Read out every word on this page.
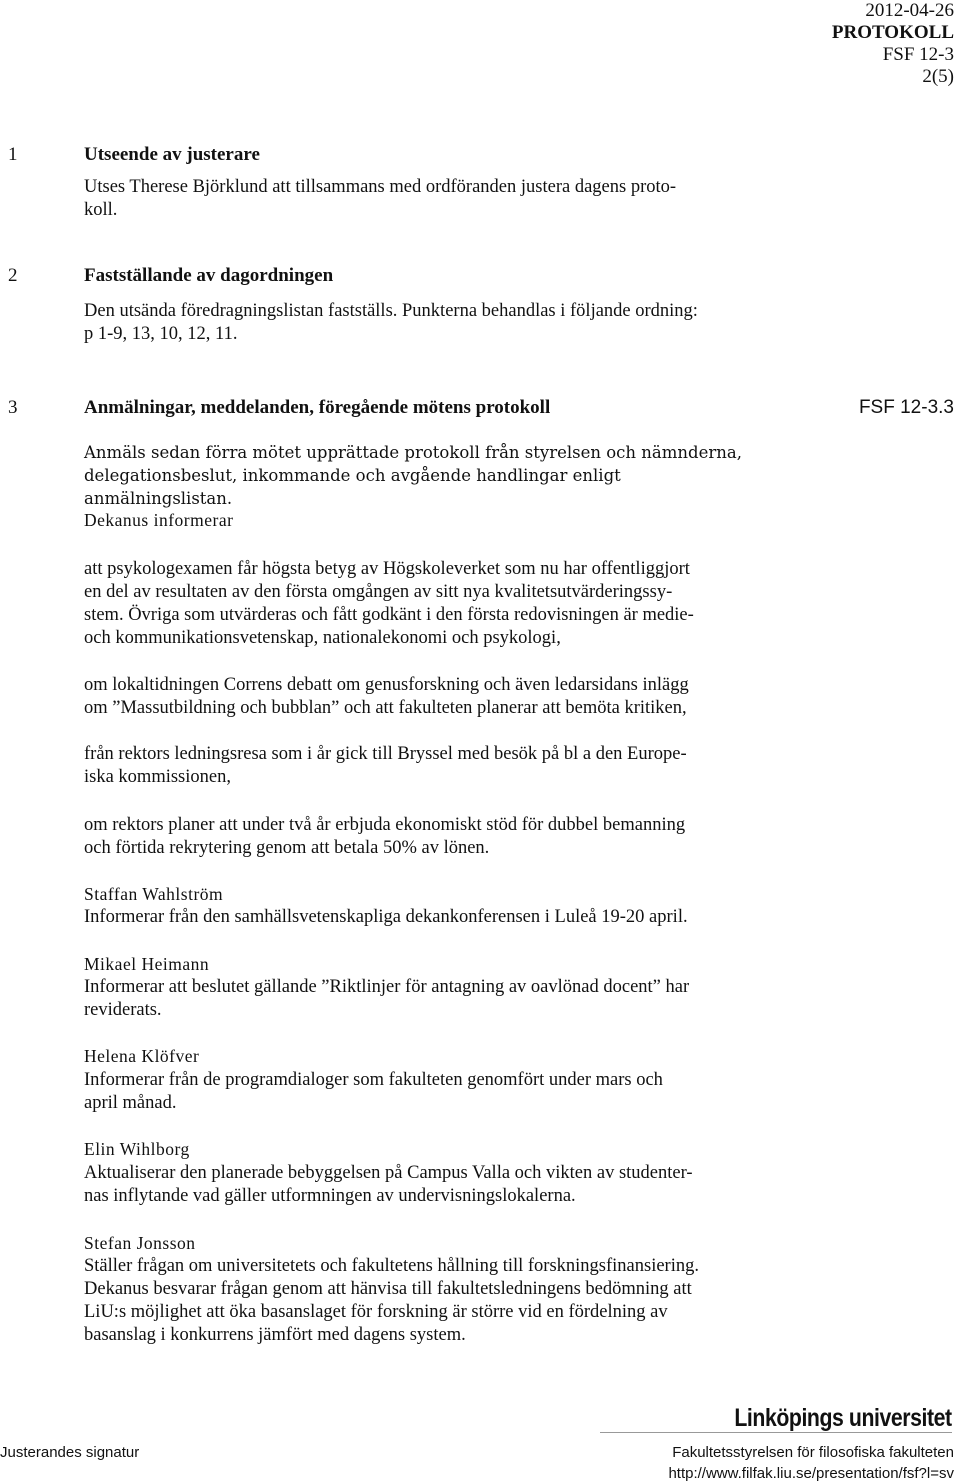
2012-04-26
PROTOKOLL
FSF 12-3
2(5)
1	Utseende av justerare

Utses Therese Björklund att tillsammans med ordföranden justera dagens proto-

koll.

2	Fastställande av dagordningen

Den utsända föredragningslistan fastställs. Punkterna behandlas i följande ordning:

p 1-9, 13, 10, 12, 11.

3	Anmälningar, meddelanden, föregående mötens protokoll	FSF 12-3.3

Anmäls sedan förra mötet upprättade protokoll från styrelsen och nämnderna,

delegationsbeslut, inkommande och avgående handlingar enligt anmälningslistan.

Dekanus informerar

att psykologexamen får högsta betyg av Högskoleverket som nu har offentliggjort

en del av resultaten av den första omgången av sitt nya kvalitetsutvärderingssy-

stem. Övriga som utvärderas och fått godkänt i den första redovisningen är medie-

och kommunikationsvetenskap, nationalekonomi och psykologi,

om lokaltidningen Correns debatt om genusforskning och även ledarsidans inlägg

om ”Massutbildning och bubblan” och att fakulteten planerar att bemöta kritiken,

från rektors ledningsresa som i år gick till Bryssel med besök på bl a den Europe-

iska kommissionen,

om rektors planer att under två år erbjuda ekonomiskt stöd för dubbel bemanning

och förtida rekrytering genom att betala 50% av lönen.

Staffan Wahlström

Informerar från den samhällsvetenskapliga dekankonferensen i Luleå 19-20 april.

Mikael Heimann

Informerar att beslutet gällande ”Riktlinjer för antagning av oavlönad docent” har

reviderats.

Helena Klöfver

Informerar från de programdialoger som fakulteten genomfört under mars och

april månad.

Elin Wihlborg

Aktualiserar den planerade bebyggelsen på Campus Valla och vikten av studenter-

nas inflytande vad gäller utformningen av undervisningslokalerna.

Stefan Jonsson

Ställer frågan om universitetets och fakultetens hållning till forskningsfinansiering.

Dekanus besvarar frågan genom att hänvisa till fakultetsledningens bedömning att

LiU:s möjlighet att öka basanslaget för forskning är större vid en fördelning av

basanslag i konkurrens jämfört med dagens system.

Linköpings universitet
Justerandes signatur	Fakultetsstyrelsen för filosofiska fakulteten
http://www.filfak.liu.se/presentation/fsf?l=sv
